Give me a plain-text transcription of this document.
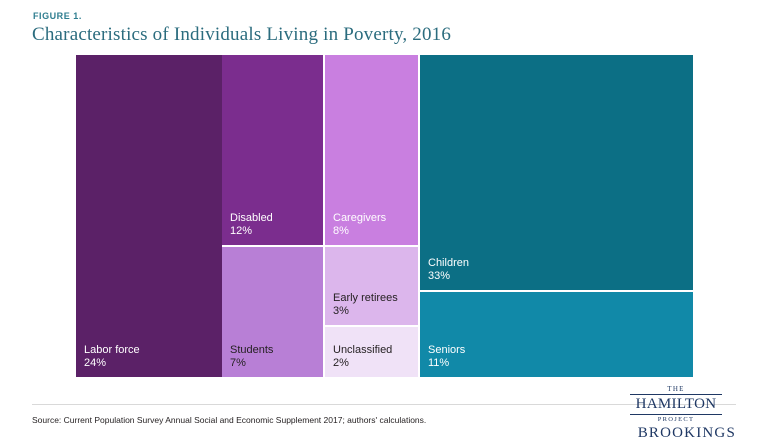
FIGURE 1.
Characteristics of Individuals Living in Poverty, 2016
Labor force
24%
Disabled
12%
Students
7%
Caregivers
8%
Early retirees
3%
Unclassified
2%
Children
33%
Seniors
11%
Source: Current Population Survey Annual Social and Economic Supplement 2017; authors' calculations.
THE
HAMILTON
PROJECT
BROOKINGS
